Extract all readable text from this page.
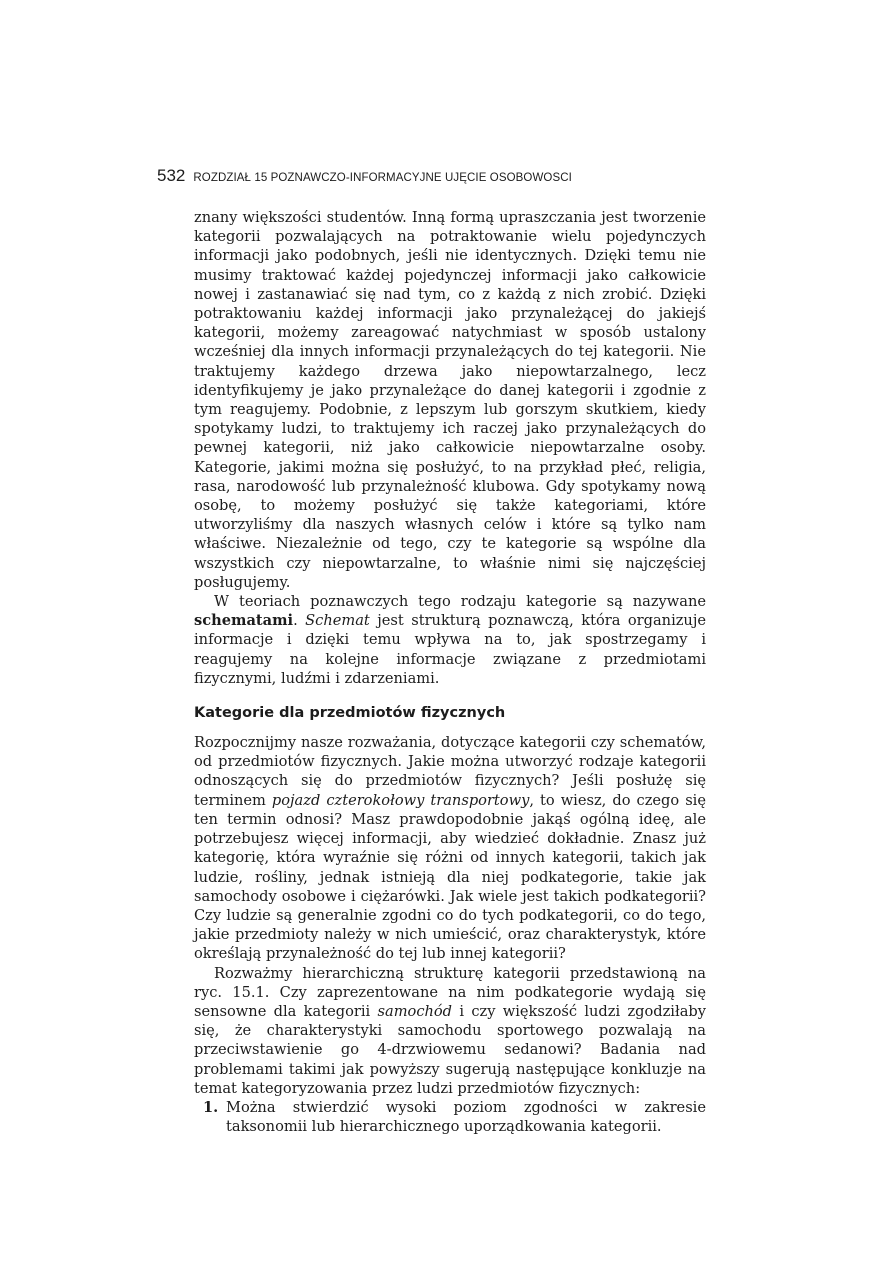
532 ROZDZIAŁ 15 POZNAWCZO-INFORMACYJNE UJĘCIE OSOBOWOSCI

znany większości studentów. Inną formą upraszczania jest tworzenie kategorii pozwalających na potraktowanie wielu pojedynczych informacji jako podobnych, jeśli nie identycznych. Dzięki temu nie musimy traktować każdej pojedynczej informacji jako całkowicie nowej i zastanawiać się nad tym, co z każdą z nich zrobić. Dzięki potraktowaniu każdej informacji jako przynależącej do jakiejś kategorii, możemy zareagować natychmiast w sposób ustalony wcześniej dla innych informacji przynależących do tej kategorii. Nie traktujemy każdego drzewa jako niepowtarzalnego, lecz identyfikujemy je jako przynależące do danej kategorii i zgodnie z tym reagujemy. Podobnie, z lepszym lub gorszym skutkiem, kiedy spotykamy ludzi, to traktujemy ich raczej jako przynależących do pewnej kategorii, niż jako całkowicie niepowtarzalne osoby. Kategorie, jakimi można się posłużyć, to na przykład płeć, religia, rasa, narodowość lub przynależność klubowa. Gdy spotykamy nową osobę, to możemy posłużyć się także kategoriami, które utworzyliśmy dla naszych własnych celów i które są tylko nam właściwe. Niezależnie od tego, czy te kategorie są wspólne dla wszystkich czy niepowtarzalne, to właśnie nimi się najczęściej posługujemy.

W teoriach poznawczych tego rodzaju kategorie są nazywane schematami. Schemat jest strukturą poznawczą, która organizuje informacje i dzięki temu wpływa na to, jak spostrzegamy i reagujemy na kolejne informacje związane z przedmiotami fizycznymi, ludźmi i zdarzeniami.

Kategorie dla przedmiotów fizycznych

Rozpocznijmy nasze rozważania, dotyczące kategorii czy schematów, od przedmiotów fizycznych. Jakie można utworzyć rodzaje kategorii odnoszących się do przedmiotów fizycznych? Jeśli posłużę się terminem pojazd czterokołowy transportowy, to wiesz, do czego się ten termin odnosi? Masz prawdopodobnie jakąś ogólną ideę, ale potrzebujesz więcej informacji, aby wiedzieć dokładnie. Znasz już kategorię, która wyraźnie się różni od innych kategorii, takich jak ludzie, rośliny, jednak istnieją dla niej podkategorie, takie jak samochody osobowe i ciężarówki. Jak wiele jest takich podkategorii? Czy ludzie są generalnie zgodni co do tych podkategorii, co do tego, jakie przedmioty należy w nich umieścić, oraz charakterystyk, które określają przynależność do tej lub innej kategorii?

Rozważmy hierarchiczną strukturę kategorii przedstawioną na ryc. 15.1. Czy zaprezentowane na nim podkategorie wydają się sensowne dla kategorii samochód i czy większość ludzi zgodziłaby się, że charakterystyki samochodu sportowego pozwalają na przeciwstawienie go 4-drzwiowemu sedanowi? Badania nad problemami takimi jak powyższy sugerują następujące konkluzje na temat kategoryzowania przez ludzi przedmiotów fizycznych:

1. Można stwierdzić wysoki poziom zgodności w zakresie taksonomii lub hierarchicznego uporządkowania kategorii.
